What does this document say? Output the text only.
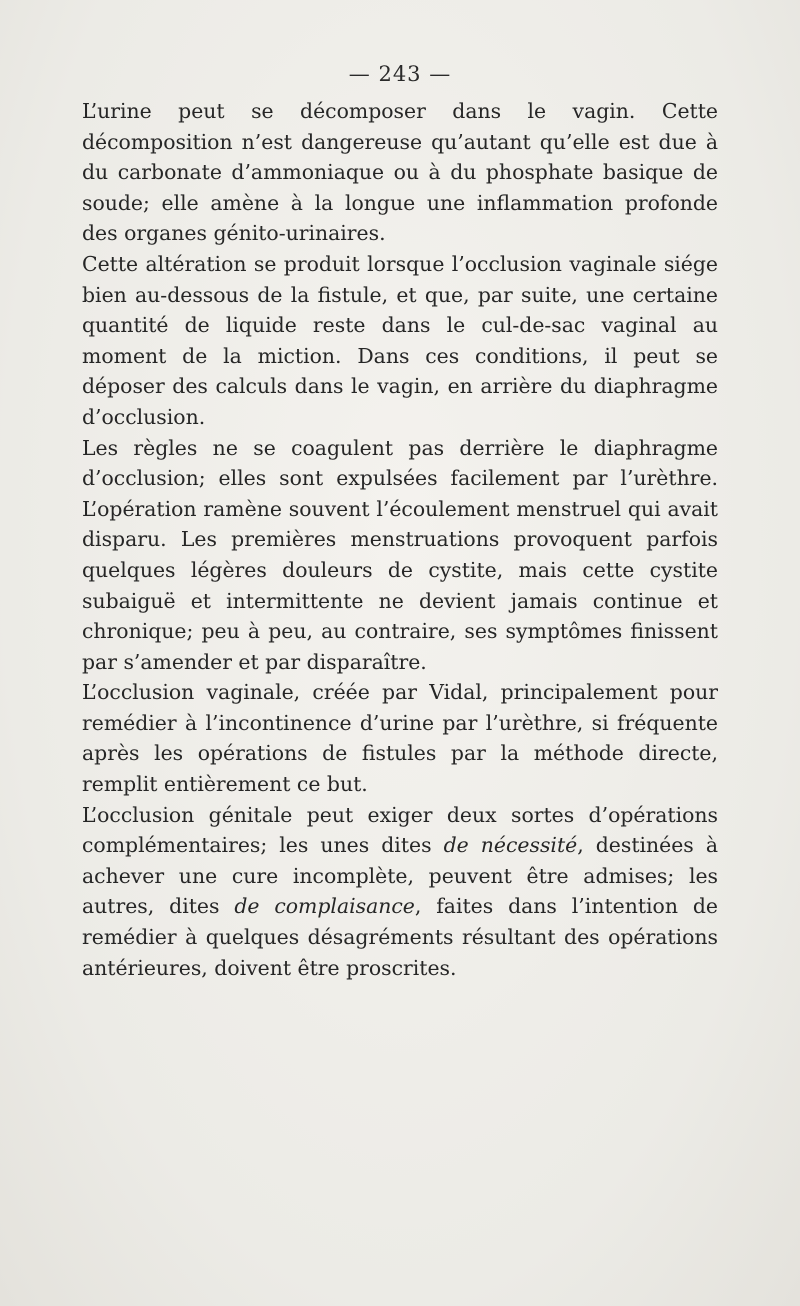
— 243 —

L’urine peut se décomposer dans le vagin. Cette décomposition n’est dangereuse qu’autant qu’elle est due à du carbonate d’ammoniaque ou à du phosphate basique de soude; elle amène à la longue une inflammation profonde des organes génito-urinaires.

Cette altération se produit lorsque l’occlusion vaginale siége bien au-dessous de la fistule, et que, par suite, une certaine quantité de liquide reste dans le cul-de-sac vaginal au moment de la miction. Dans ces conditions, il peut se déposer des calculs dans le vagin, en arrière du diaphragme d’occlusion.

Les règles ne se coagulent pas derrière le diaphragme d’occlusion; elles sont expulsées facilement par l’urèthre. L’opération ramène souvent l’écoulement menstruel qui avait disparu. Les premières menstruations provoquent parfois quelques légères douleurs de cystite, mais cette cystite subaiguë et intermittente ne devient jamais continue et chronique; peu à peu, au contraire, ses symptômes finissent par s’amender et par disparaître.

L’occlusion vaginale, créée par Vidal, principalement pour remédier à l’incontinence d’urine par l’urèthre, si fréquente après les opérations de fistules par la méthode directe, remplit entièrement ce but.

L’occlusion génitale peut exiger deux sortes d’opérations complémentaires; les unes dites de nécessité, destinées à achever une cure incomplète, peuvent être admises; les autres, dites de complaisance, faites dans l’intention de remédier à quelques désagréments résultant des opérations antérieures, doivent être proscrites.
